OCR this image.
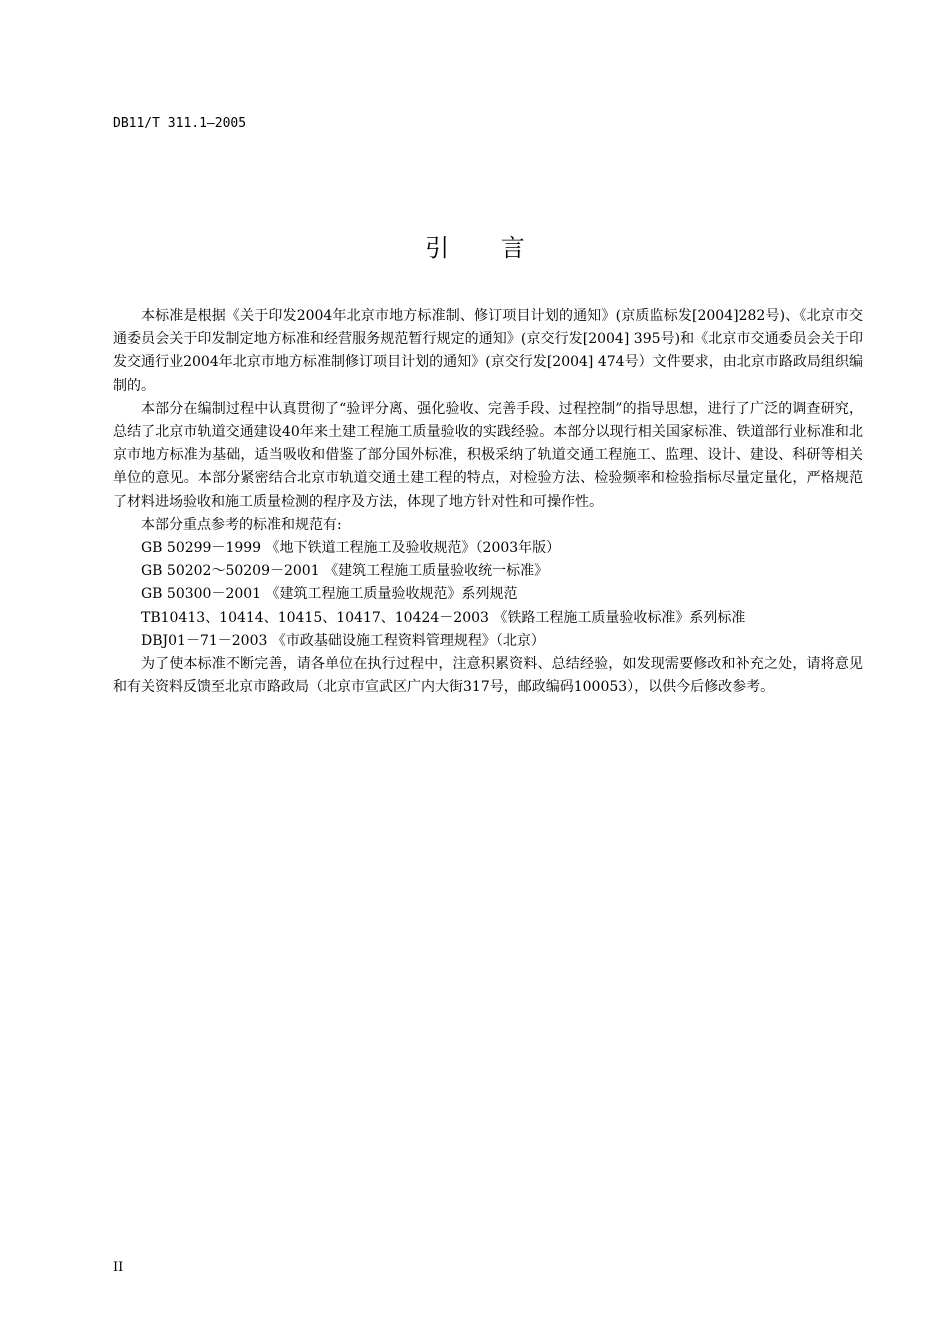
DB11/T 311.1—2005
引 言

本标准是根据《关于印发2004年北京市地方标准制、修订项目计划的通知》(京质监标发[2004]282号)、《北京市交通委员会关于印发制定地方标准和经营服务规范暂行规定的通知》(京交行发[2004] 395号)和《北京市交通委员会关于印发交通行业2004年北京市地方标准制修订项目计划的通知》(京交行发[2004] 474号）文件要求，由北京市路政局组织编制的。

本部分在编制过程中认真贯彻了“验评分离、强化验收、完善手段、过程控制”的指导思想，进行了广泛的调查研究，总结了北京市轨道交通建设40年来土建工程施工质量验收的实践经验。本部分以现行相关国家标准、铁道部行业标准和北京市地方标准为基础，适当吸收和借鉴了部分国外标准，积极采纳了轨道交通工程施工、监理、设计、建设、科研等相关单位的意见。本部分紧密结合北京市轨道交通土建工程的特点，对检验方法、检验频率和检验指标尽量定量化，严格规范了材料进场验收和施工质量检测的程序及方法，体现了地方针对性和可操作性。

本部分重点参考的标准和规范有:

GB 50299－1999 《地下铁道工程施工及验收规范》（2003年版）

GB 50202～50209－2001 《建筑工程施工质量验收统一标准》

GB 50300－2001 《建筑工程施工质量验收规范》系列规范

TB10413、10414、10415、10417、10424－2003 《铁路工程施工质量验收标准》系列标准

DBJ01－71－2003 《市政基础设施工程资料管理规程》（北京）

为了使本标准不断完善，请各单位在执行过程中，注意积累资料、总结经验，如发现需要修改和补充之处，请将意见和有关资料反馈至北京市路政局（北京市宣武区广内大街317号，邮政编码100053），以供今后修改参考。

II
